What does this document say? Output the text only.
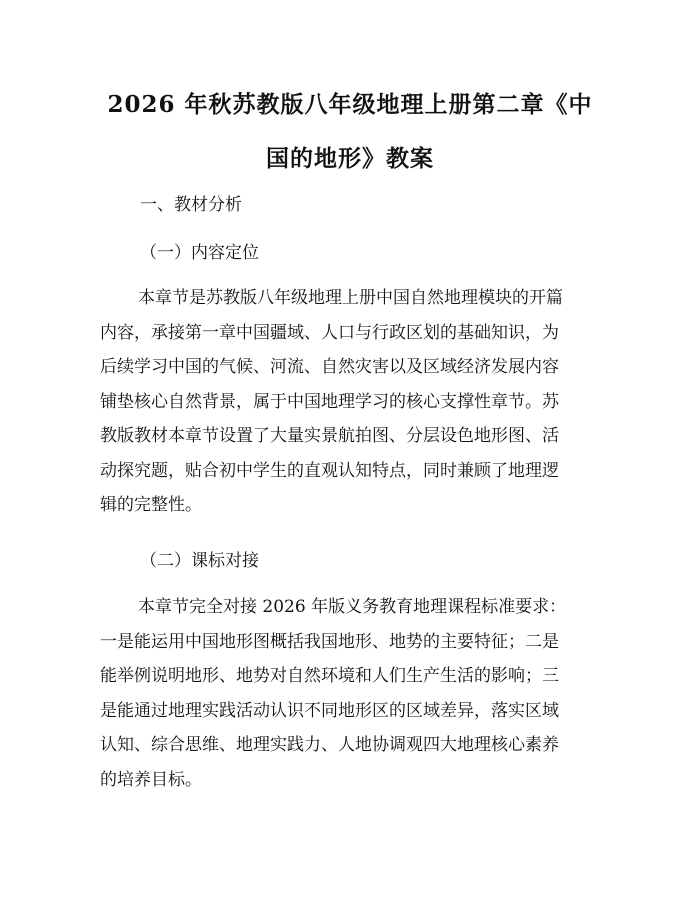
2026 年秋苏教版八年级地理上册第二章《中
国的地形》教案
一、教材分析
（一）内容定位
本章节是苏教版八年级地理上册中国自然地理模块的开篇
内容，承接第一章中国疆域、人口与行政区划的基础知识，为
后续学习中国的气候、河流、自然灾害以及区域经济发展内容
铺垫核心自然背景，属于中国地理学习的核心支撑性章节。苏
教版教材本章节设置了大量实景航拍图、分层设色地形图、活
动探究题，贴合初中学生的直观认知特点，同时兼顾了地理逻
辑的完整性。
（二）课标对接
本章节完全对接 2026 年版义务教育地理课程标准要求：
一是能运用中国地形图概括我国地形、地势的主要特征；二是
能举例说明地形、地势对自然环境和人们生产生活的影响；三
是能通过地理实践活动认识不同地形区的区域差异，落实区域
认知、综合思维、地理实践力、人地协调观四大地理核心素养
的培养目标。
